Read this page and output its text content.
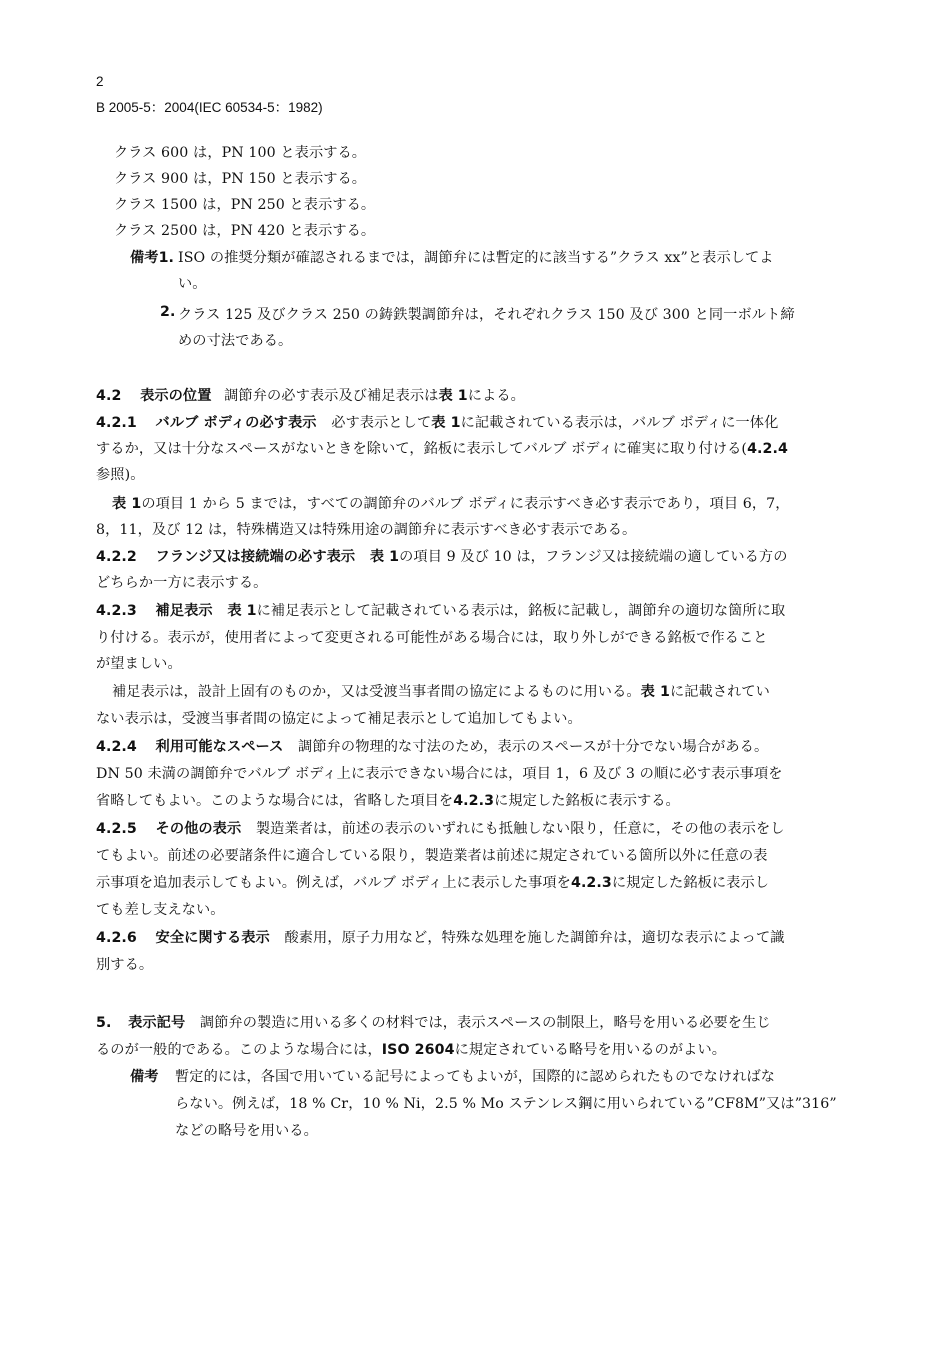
2
B 2005-5：2004(IEC 60534-5：1982)
クラス 600 は，PN 100 と表示する。
クラス 900 は，PN 150 と表示する。
クラス 1500 は，PN 250 と表示する。
クラス 2500 は，PN 420 と表示する。
備考1. ISO の推奨分類が確認されるまでは，調節弁には暫定的に該当する”クラス xx”と表示してよ
い。
2. クラス 125 及びクラス 250 の鋳鉄製調節弁は，それぞれクラス 150 及び 300 と同一ボルト締
めの寸法である。
4.2 表示の位置 調節弁の必す表示及び補足表示は表 1による。
4.2.1 バルブ ボディの必す表示 必す表示として表 1に記載されている表示は，バルブ ボディに一体化
するか，又は十分なスペースがないときを除いて，銘板に表示してバルブ ボディに確実に取り付ける(4.2.4
参照)。
表 1の項目 1 から 5 までは，すべての調節弁のバルブ ボディに表示すべき必す表示であり，項目 6，7，
8，11，及び 12 は，特殊構造又は特殊用途の調節弁に表示すべき必す表示である。
4.2.2 フランジ又は接続端の必す表示 表 1の項目 9 及び 10 は，フランジ又は接続端の適している方の
どちらか一方に表示する。
4.2.3 補足表示 表 1に補足表示として記載されている表示は，銘板に記載し，調節弁の適切な箇所に取
り付ける。表示が，使用者によって変更される可能性がある場合には，取り外しができる銘板で作ること
が望ましい。
補足表示は，設計上固有のものか，又は受渡当事者間の協定によるものに用いる。表 1に記載されてい
ない表示は，受渡当事者間の協定によって補足表示として追加してもよい。
4.2.4 利用可能なスペース 調節弁の物理的な寸法のため，表示のスペースが十分でない場合がある。
DN 50 未満の調節弁でバルブ ボディ上に表示できない場合には，項目 1，6 及び 3 の順に必す表示事項を
省略してもよい。このような場合には，省略した項目を4.2.3に規定した銘板に表示する。
4.2.5 その他の表示 製造業者は，前述の表示のいずれにも抵触しない限り，任意に，その他の表示をし
てもよい。前述の必要諸条件に適合している限り，製造業者は前述に規定されている箇所以外に任意の表
示事項を追加表示してもよい。例えば，バルブ ボディ上に表示した事項を4.2.3に規定した銘板に表示し
ても差し支えない。
4.2.6 安全に関する表示 酸素用，原子力用など，特殊な処理を施した調節弁は，適切な表示によって識
別する。
5. 表示記号 調節弁の製造に用いる多くの材料では，表示スペースの制限上，略号を用いる必要を生じ
るのが一般的である。このような場合には，ISO 2604に規定されている略号を用いるのがよい。
備考 暫定的には，各国で用いている記号によってもよいが，国際的に認められたものでなければな
らない。例えば，18 % Cr，10 % Ni，2.5 % Mo ステンレス鋼に用いられている”CF8M”又は”316”
などの略号を用いる。
